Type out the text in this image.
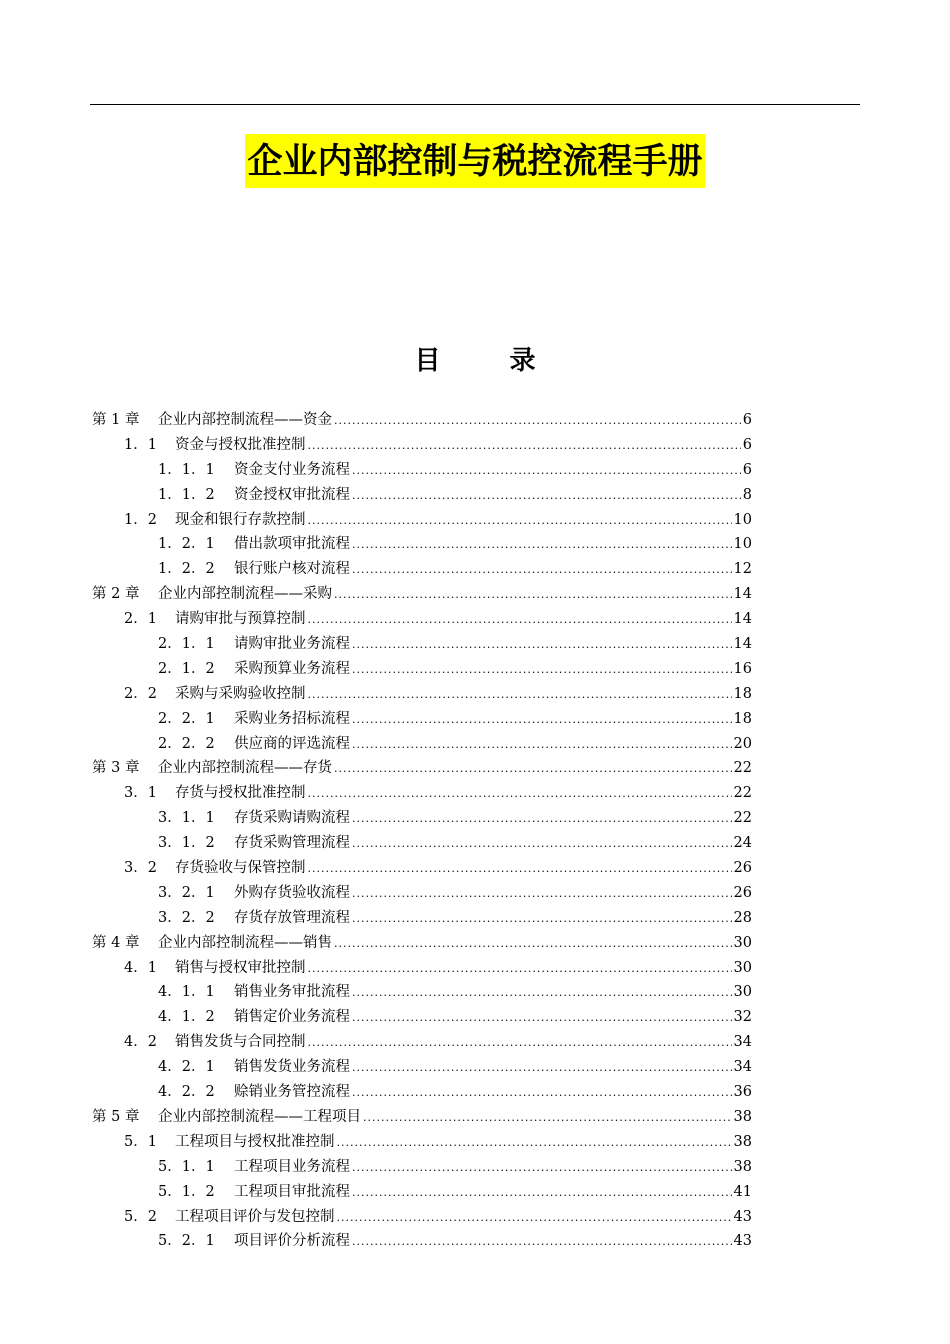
企业内部控制与税控流程手册
目 录
第 1 章	企业内部控制流程——资金 .....	6
1．1	资金与授权批准控制 .....	6
1．1．1	资金支付业务流程 .....	6
1．1．2	资金授权审批流程 .....	8
1．2	现金和银行存款控制 .....	10
1．2．1	借出款项审批流程 .....	10
1．2．2	银行账户核对流程 .....	12
第 2 章	企业内部控制流程——采购 .....	14
2．1	请购审批与预算控制 .....	14
2．1．1	请购审批业务流程 .....	14
2．1．2	采购预算业务流程 .....	16
2．2	采购与采购验收控制 .....	18
2．2．1	采购业务招标流程 .....	18
2．2．2	供应商的评选流程 .....	20
第 3 章	企业内部控制流程——存货 .....	22
3．1	存货与授权批准控制 .....	22
3．1．1	存货采购请购流程 .....	22
3．1．2	存货采购管理流程 .....	24
3．2	存货验收与保管控制 .....	26
3．2．1	外购存货验收流程 .....	26
3．2．2	存货存放管理流程 .....	28
第 4 章	企业内部控制流程——销售 .....	30
4．1	销售与授权审批控制 .....	30
4．1．1	销售业务审批流程 .....	30
4．1．2	销售定价业务流程 .....	32
4．2	销售发货与合同控制 .....	34
4．2．1	销售发货业务流程 .....	34
4．2．2	赊销业务管控流程 .....	36
第 5 章	企业内部控制流程——工程项目 .....	38
5．1	工程项目与授权批准控制 .....	38
5．1．1	工程项目业务流程 .....	38
5．1．2	工程项目审批流程 .....	41
5．2	工程项目评价与发包控制 .....	43
5．2．1	项目评价分析流程 .....	43
